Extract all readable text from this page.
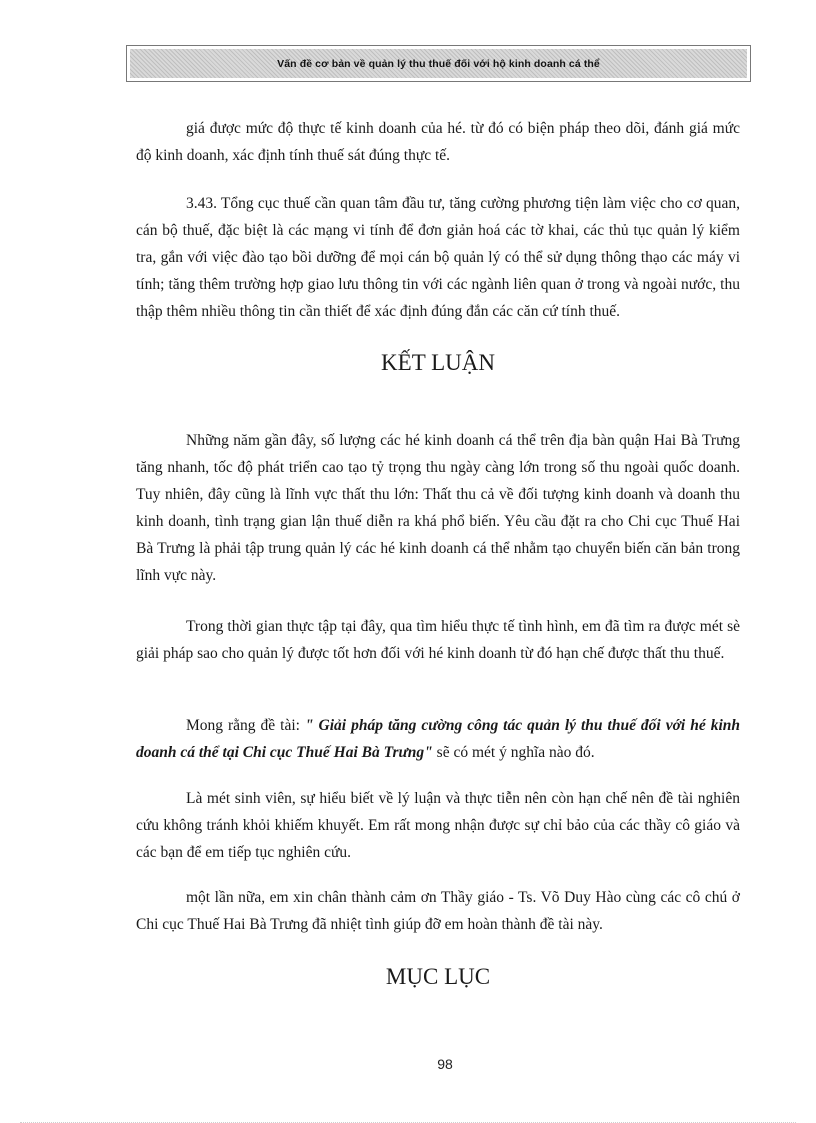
Vấn đề cơ bản về quản lý thu thuế đối với hộ kinh doanh cá thể

giá được mức độ thực tế kinh doanh của hé. từ đó có biện pháp theo dõi, đánh giá mức độ kinh doanh, xác định tính thuế sát đúng thực tế.

3.43. Tổng cục thuế cần quan tâm đầu tư, tăng cường phương tiện làm việc cho cơ quan, cán bộ thuế, đặc biệt là các mạng vi tính để đơn giản hoá các tờ khai, các thủ tục quản lý kiểm tra, gắn với việc đào tạo bồi dưỡng để mọi cán bộ quản lý có thể sử dụng thông thạo các máy vi tính; tăng thêm trường hợp giao lưu thông tin với các ngành liên quan ở trong và ngoài nước, thu thập thêm nhiều thông tin cần thiết để xác định đúng đắn các căn cứ tính thuế.

KẾT LUẬN

Những năm gần đây, số lượng các hé kinh doanh cá thể trên địa bàn quận Hai Bà Trưng tăng nhanh, tốc độ phát triển cao tạo tỷ trọng thu ngày càng lớn trong số thu ngoài quốc doanh. Tuy nhiên, đây cũng là lĩnh vực thất thu lớn: Thất thu cả về đối tượng kinh doanh và doanh thu kinh doanh, tình trạng gian lận thuế diễn ra khá phổ biến. Yêu cầu đặt ra cho Chi cục Thuế Hai Bà Trưng là phải tập trung quản lý các hé kinh doanh cá thể nhằm tạo chuyển biến căn bản trong lĩnh vực này.

Trong thời gian thực tập tại đây, qua tìm hiểu thực tế tình hình, em đã tìm ra được mét sè giải pháp sao cho quản lý được tốt hơn đối với hé kinh doanh từ đó hạn chế được thất thu thuế.

Mong rằng đề tài: " Giải pháp tăng cường công tác quản lý thu thuế đối với hé kinh doanh cá thể tại Chi cục Thuế Hai Bà Trưng" sẽ có mét ý nghĩa nào đó.

Là mét sinh viên, sự hiểu biết về lý luận và thực tiễn nên còn hạn chế nên đề tài nghiên cứu không tránh khỏi khiếm khuyết. Em rất mong nhận được sự chỉ bảo của các thầy cô giáo và các bạn để em tiếp tục nghiên cứu.

một lần nữa, em xin chân thành cảm ơn Thầy giáo - Ts. Võ Duy Hào cùng các cô chú ở Chi cục Thuế Hai Bà Trưng đã nhiệt tình giúp đỡ em hoàn thành đề tài này.

MỤC LỤC
98
